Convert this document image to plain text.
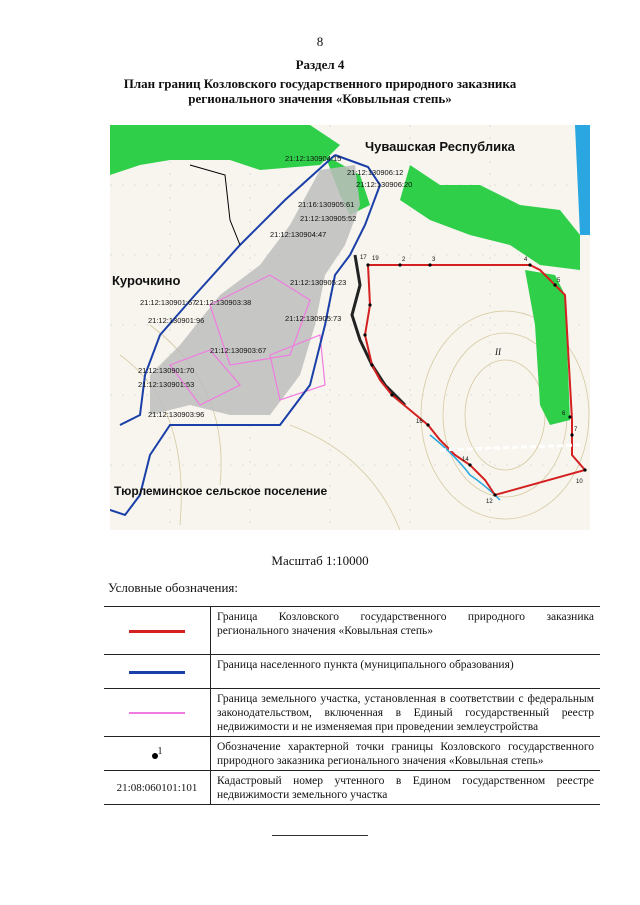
8
Раздел 4
План границ Козловского государственного природного заказника
регионального значения «Ковыльная степь»
2	3	4
5
6
7
10
12
14
16
17 19
21:12:130904:15
21:12:130906:12
21:12:130906:20
21:16:130905:61
21:12:130905:52
21:12:130904:47
21:12:130905:23
21:12:130901:67
21:12:130903:38
21:12:130901:96	21:12:130905:73
21:12:130903:67
21:12:130901:70
21:12:130901:53
21:12:130903:96
Чувашская Республика
Курочкино
Тюрлеминское сельское поселение
II
Масштаб 1:10000
Условные обозначения:
	Граница Козловского государственного природного заказника регионального значения «Ковыльная степь»
	Граница населенного пункта (муниципального образования)
	Граница земельного участка, установленная в соответствии с федеральным законодательством, включенная в Единый государственный реестр недвижимости и не изменяемая при проведении землеустройства
$^1$	Обозначение характерной точки границы Козловского государственного природного заказника регионального значения «Ковыльная степь»
21:08:060101:101	Кадастровый номер учтенного в Едином государственном реестре недвижимости земельного участка
